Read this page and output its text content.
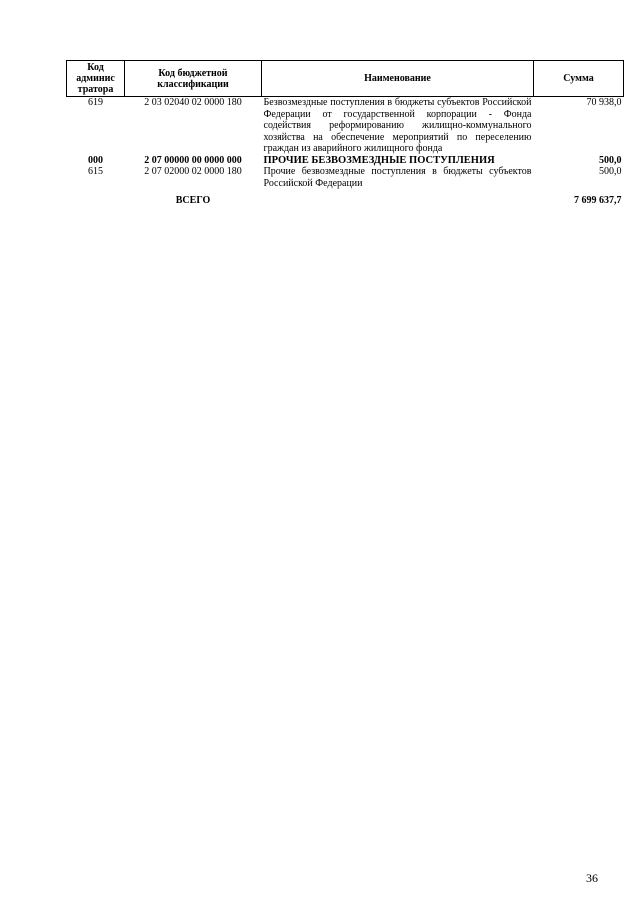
Код админис тратора	Код бюджетной классификации	Наименование	Сумма
619	2 03 02040 02 0000 180	Безвозмездные поступления в бюджеты субъектов Российской Федерации от государственной корпорации - Фонда содействия реформированию жилищно-коммунального хозяйства на обеспечение мероприятий по переселению граждан из аварийного жилищного фонда	70 938,0
000	2 07 00000 00 0000 000	ПРОЧИЕ БЕЗВОЗМЕЗДНЫЕ ПОСТУПЛЕНИЯ	500,0
615	2 07 02000 02 0000 180	Прочие безвозмездные поступления в бюджеты субъектов Российской Федерации	500,0
	ВСЕГО		7 699 637,7
36
